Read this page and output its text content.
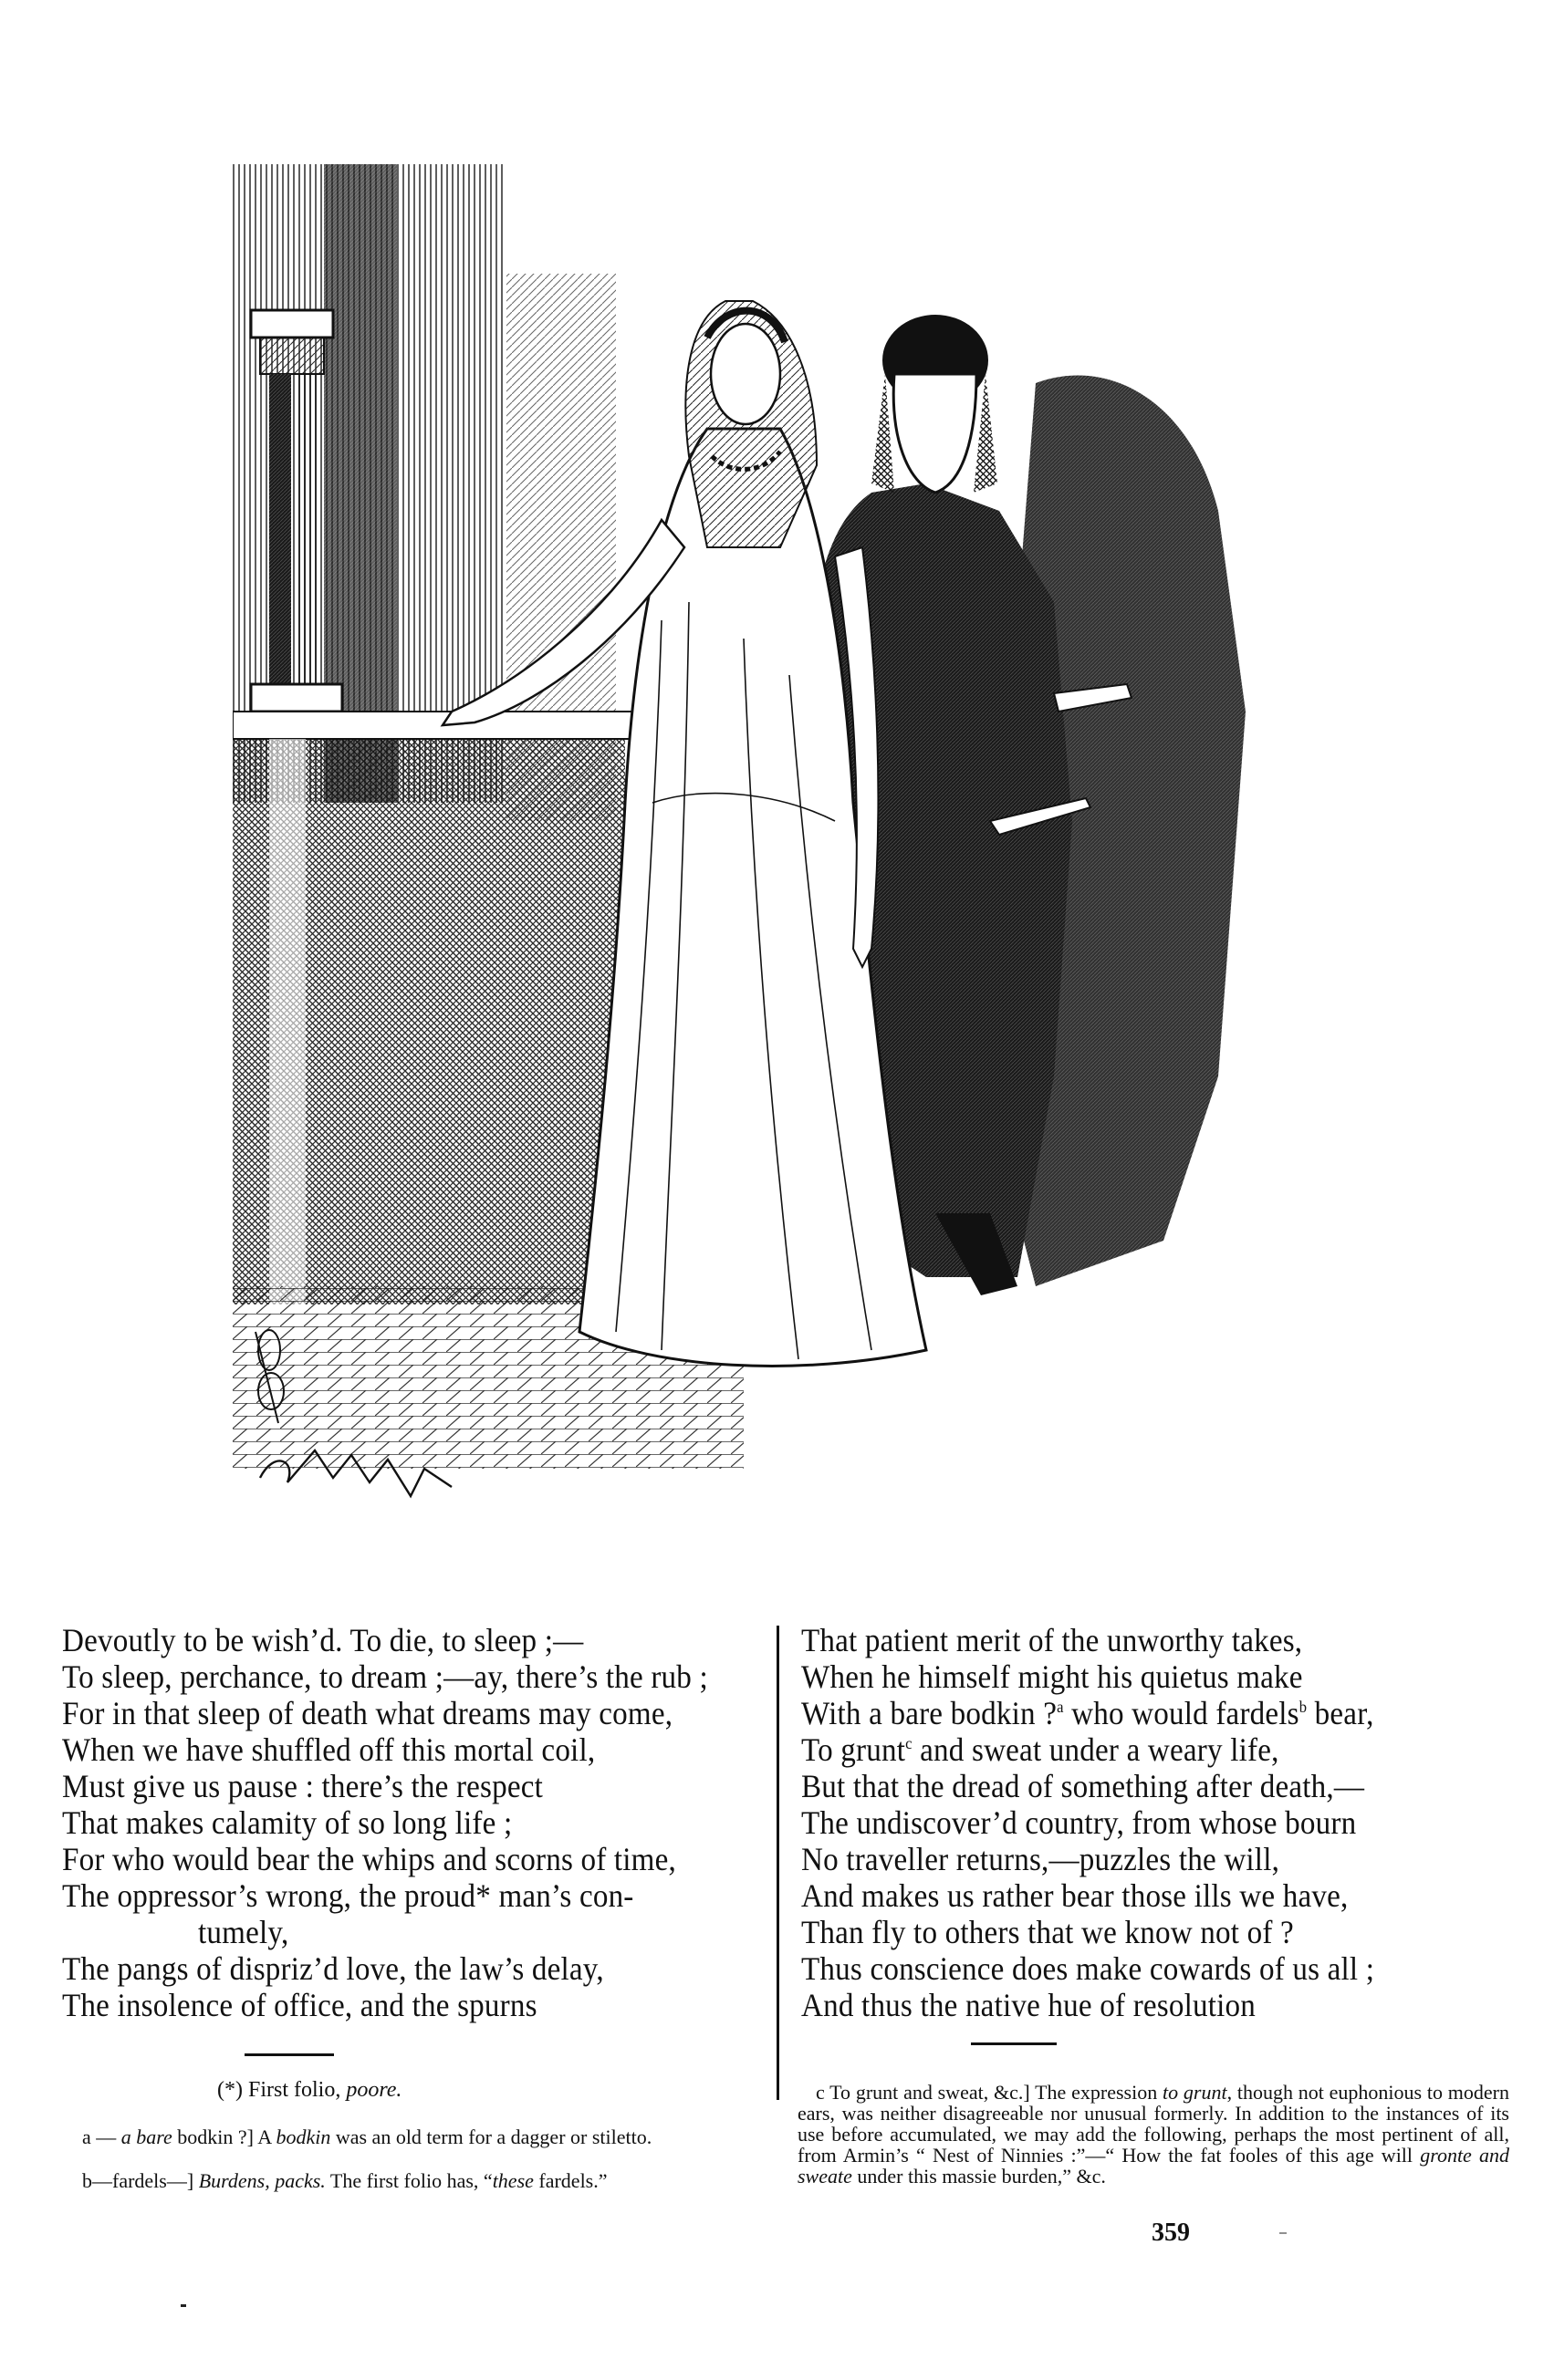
Devoutly to be wish’d. To die, to sleep ;—
To sleep, perchance, to dream ;—ay, there’s the rub ;
For in that sleep of death what dreams may come,
When we have shuffled off this mortal coil,
Must give us pause : there’s the respect
That makes calamity of so long life ;
For who would bear the whips and scorns of time,
The oppressor’s wrong, the proud* man’s con-
tumely,
The pangs of dispriz’d love, the law’s delay,
The insolence of office, and the spurns
That patient merit of the unworthy takes,
When he himself might his quietus make
With a bare bodkin ?$^a$ who would fardels$^b$ bear,
To grunt$^c$ and sweat under a weary life,
But that the dread of something after death,—
The undiscover’d country, from whose bourn
No traveller returns,—puzzles the will,
And makes us rather bear those ills we have,
Than fly to others that we know not of ?
Thus conscience does make cowards of us all ;
And thus the native hue of resolution
(*) First folio, poore.
a — a bare bodkin ?] A bodkin was an old term for a dagger or stiletto.
b—fardels—] Burdens, packs. The first folio has, “these fardels.”
c To grunt and sweat, &c.] The expression to grunt, though not euphonious to modern ears, was neither disagreeable nor unusual formerly. In addition to the instances of its use before accumulated, we may add the following, perhaps the most pertinent of all, from Armin’s “ Nest of Ninnies :”—“ How the fat fooles of this age will gronte and sweate under this massie burden,” &c.
359
